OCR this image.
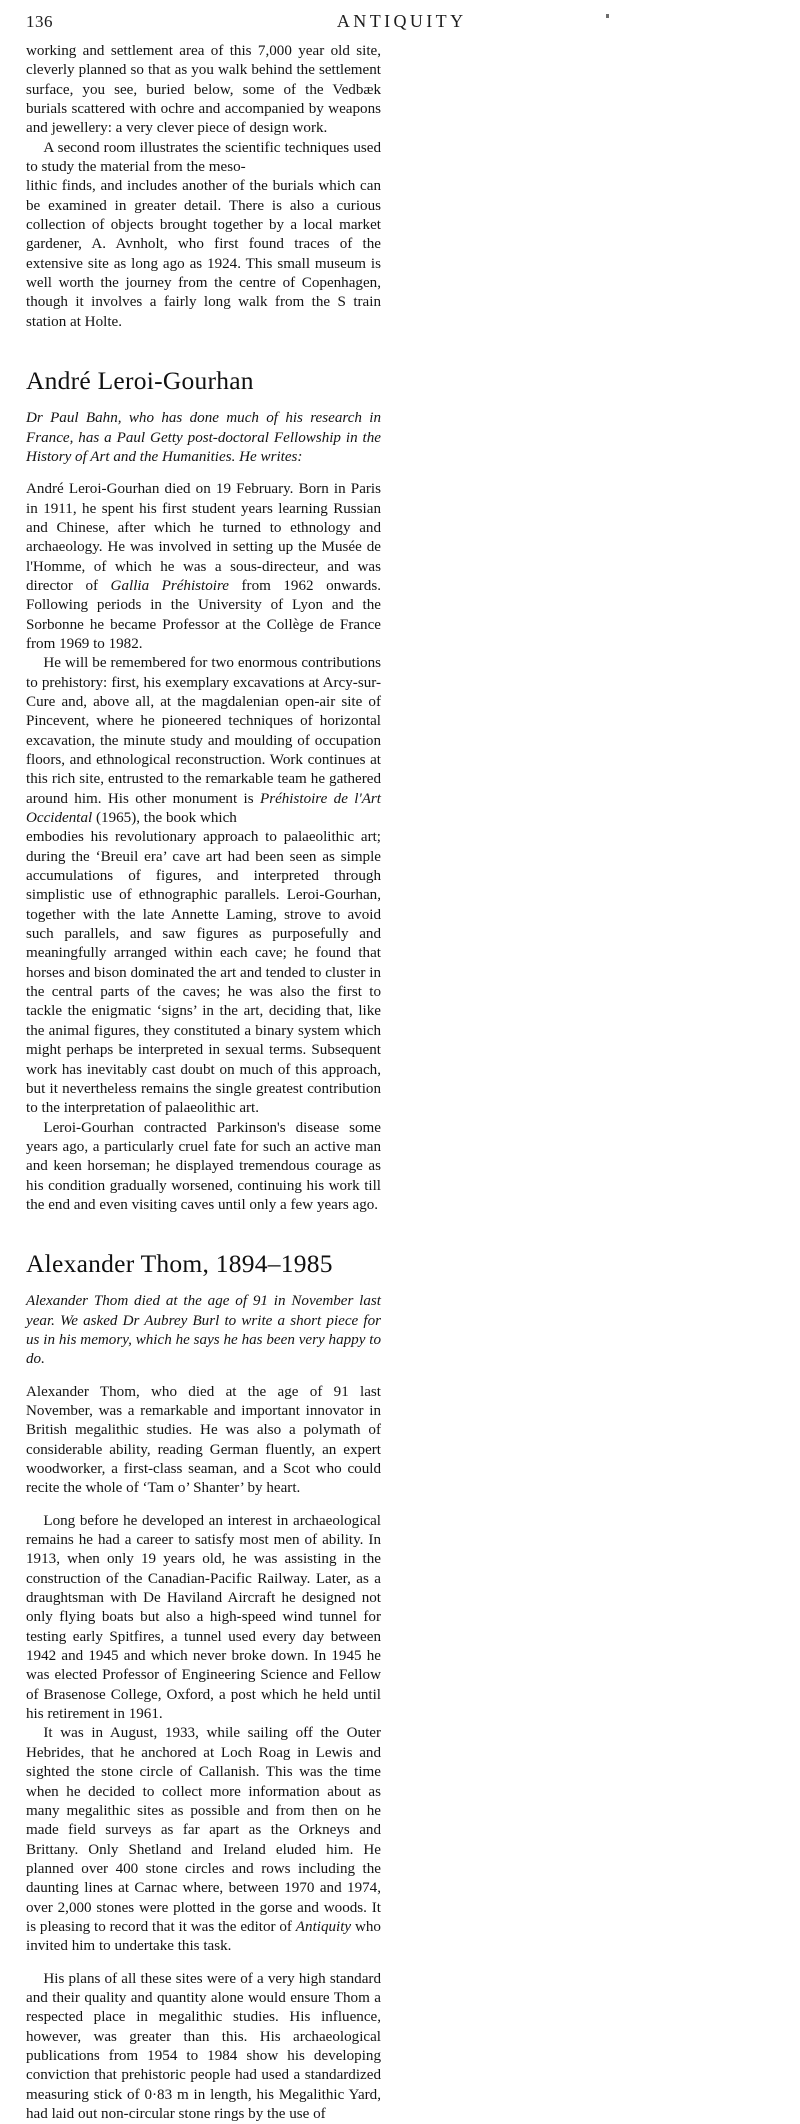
136	ANTIQUITY

working and settlement area of this 7,000 year old site, cleverly planned so that as you walk behind the settlement surface, you see, buried below, some of the Vedbæk burials scattered with ochre and accompanied by weapons and jewellery: a very clever piece of design work.

A second room illustrates the scientific techniques used to study the material from the meso-

lithic finds, and includes another of the burials which can be examined in greater detail. There is also a curious collection of objects brought together by a local market gardener, A. Avnholt, who first found traces of the extensive site as long ago as 1924. This small museum is well worth the journey from the centre of Copenhagen, though it involves a fairly long walk from the S train station at Holte.

André Leroi-Gourhan

Dr Paul Bahn, who has done much of his research in France, has a Paul Getty post-doctoral Fellowship in the History of Art and the Humanities. He writes:

André Leroi-Gourhan died on 19 February. Born in Paris in 1911, he spent his first student years learning Russian and Chinese, after which he turned to ethnology and archaeology. He was involved in setting up the Musée de l'Homme, of which he was a sous-directeur, and was director of Gallia Préhistoire from 1962 onwards. Following periods in the University of Lyon and the Sorbonne he became Professor at the Collège de France from 1969 to 1982.

He will be remembered for two enormous contributions to prehistory: first, his exemplary excavations at Arcy-sur-Cure and, above all, at the magdalenian open-air site of Pincevent, where he pioneered techniques of horizontal excavation, the minute study and moulding of occupation floors, and ethnological reconstruction. Work continues at this rich site, entrusted to the remarkable team he gathered around him. His other monument is Préhistoire de l'Art Occidental (1965), the book which

embodies his revolutionary approach to palaeolithic art; during the ‘Breuil era’ cave art had been seen as simple accumulations of figures, and interpreted through simplistic use of ethnographic parallels. Leroi-Gourhan, together with the late Annette Laming, strove to avoid such parallels, and saw figures as purposefully and meaningfully arranged within each cave; he found that horses and bison dominated the art and tended to cluster in the central parts of the caves; he was also the first to tackle the enigmatic ‘signs’ in the art, deciding that, like the animal figures, they constituted a binary system which might perhaps be interpreted in sexual terms. Subsequent work has inevitably cast doubt on much of this approach, but it nevertheless remains the single greatest contribution to the interpretation of palaeolithic art.

Leroi-Gourhan contracted Parkinson's disease some years ago, a particularly cruel fate for such an active man and keen horseman; he displayed tremendous courage as his condition gradually worsened, continuing his work till the end and even visiting caves until only a few years ago.

Alexander Thom, 1894–1985

Alexander Thom died at the age of 91 in November last year. We asked Dr Aubrey Burl to write a short piece for us in his memory, which he says he has been very happy to do.

Alexander Thom, who died at the age of 91 last November, was a remarkable and important innovator in British megalithic studies. He was also a polymath of considerable ability, reading German fluently, an expert woodworker, a first-class seaman, and a Scot who could recite the whole of ‘Tam o’ Shanter’ by heart.

Long before he developed an interest in archaeological remains he had a career to satisfy most men of ability. In 1913, when only 19 years old, he was assisting in the construction of the Canadian-Pacific Railway. Later, as a draughtsman with De Haviland Aircraft he designed not only flying boats but also a high-speed wind tunnel for testing early Spitfires, a tunnel used every day between 1942 and 1945 and which never broke down. In 1945 he was elected Professor of Engineering Science and Fellow of Brasenose College, Oxford, a post which he held until his retirement in 1961.

It was in August, 1933, while sailing off the Outer Hebrides, that he anchored at Loch Roag in Lewis and sighted the stone circle of Callanish. This was the time when he decided to collect more information about as many megalithic sites as possible and from then on he made field surveys as far apart as the Orkneys and Brittany. Only Shetland and Ireland eluded him. He planned over 400 stone circles and rows including the daunting lines at Carnac where, between 1970 and 1974, over 2,000 stones were plotted in the gorse and woods. It is pleasing to record that it was the editor of Antiquity who invited him to undertake this task.

His plans of all these sites were of a very high standard and their quality and quantity alone would ensure Thom a respected place in megalithic studies. His influence, however, was greater than this. His archaeological publications from 1954 to 1984 show his developing conviction that prehistoric people had used a standardized measuring stick of 0·83 m in length, his Megalithic Yard, had laid out non-circular stone rings by the use of
